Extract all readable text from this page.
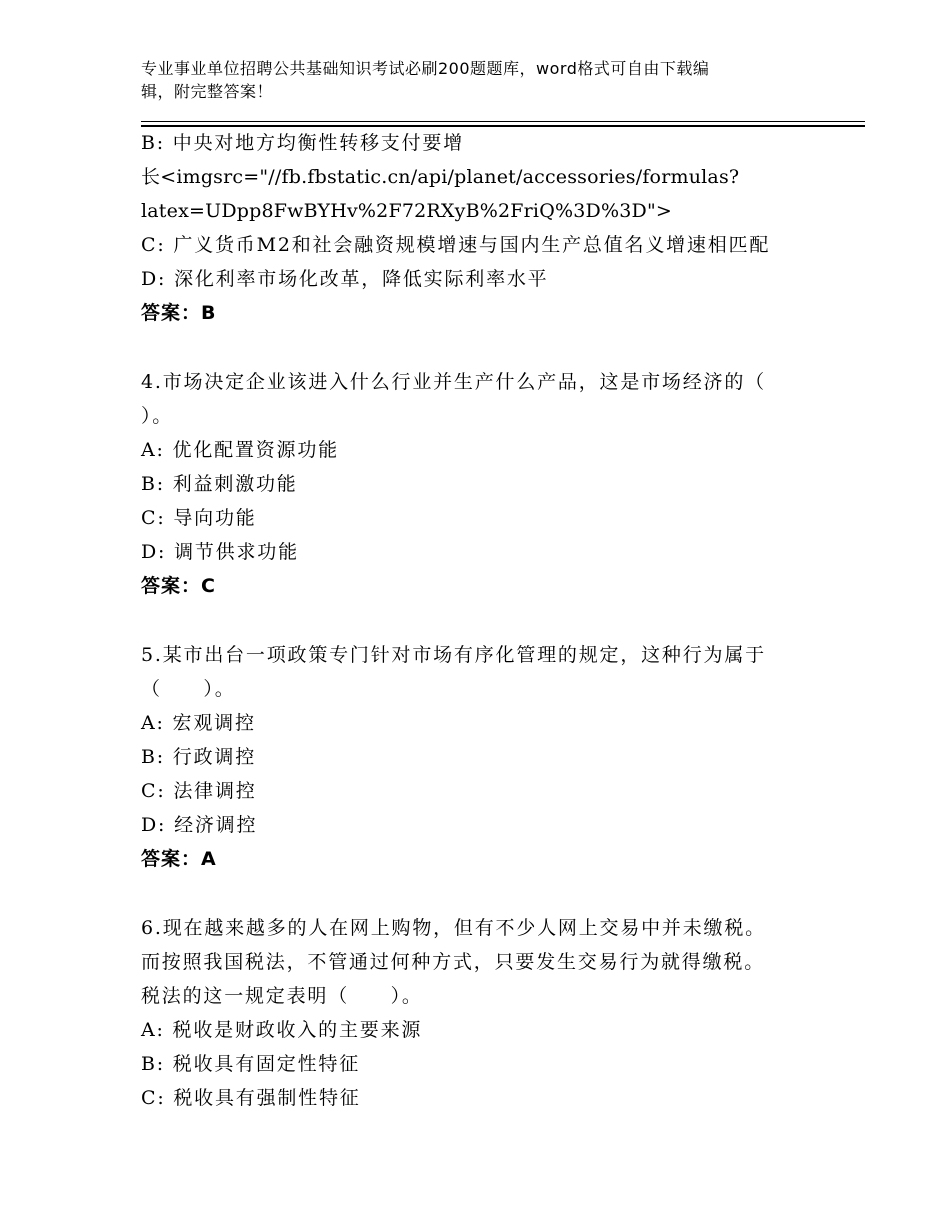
专业事业单位招聘公共基础知识考试必刷200题题库，word格式可自由下载编
辑，附完整答案！
B: 中央对地方均衡性转移支付要增
长<imgsrc="//fb.fbstatic.cn/api/planet/accessories/formulas?
latex=UDpp8FwBYHv%2F72RXyB%2FriQ%3D%3D">
C: 广义货币M2和社会融资规模增速与国内生产总值名义增速相匹配
D: 深化利率市场化改革，降低实际利率水平
答案：B
4.市场决定企业该进入什么行业并生产什么产品，这是市场经济的（
）。
A: 优化配置资源功能
B: 利益刺激功能
C: 导向功能
D: 调节供求功能
答案：C
5.某市出台一项政策专门针对市场有序化管理的规定，这种行为属于
（　　）。
A: 宏观调控
B: 行政调控
C: 法律调控
D: 经济调控
答案：A
6.现在越来越多的人在网上购物，但有不少人网上交易中并未缴税。
而按照我国税法，不管通过何种方式，只要发生交易行为就得缴税。
税法的这一规定表明（　　）。
A: 税收是财政收入的主要来源
B: 税收具有固定性特征
C: 税收具有强制性特征
